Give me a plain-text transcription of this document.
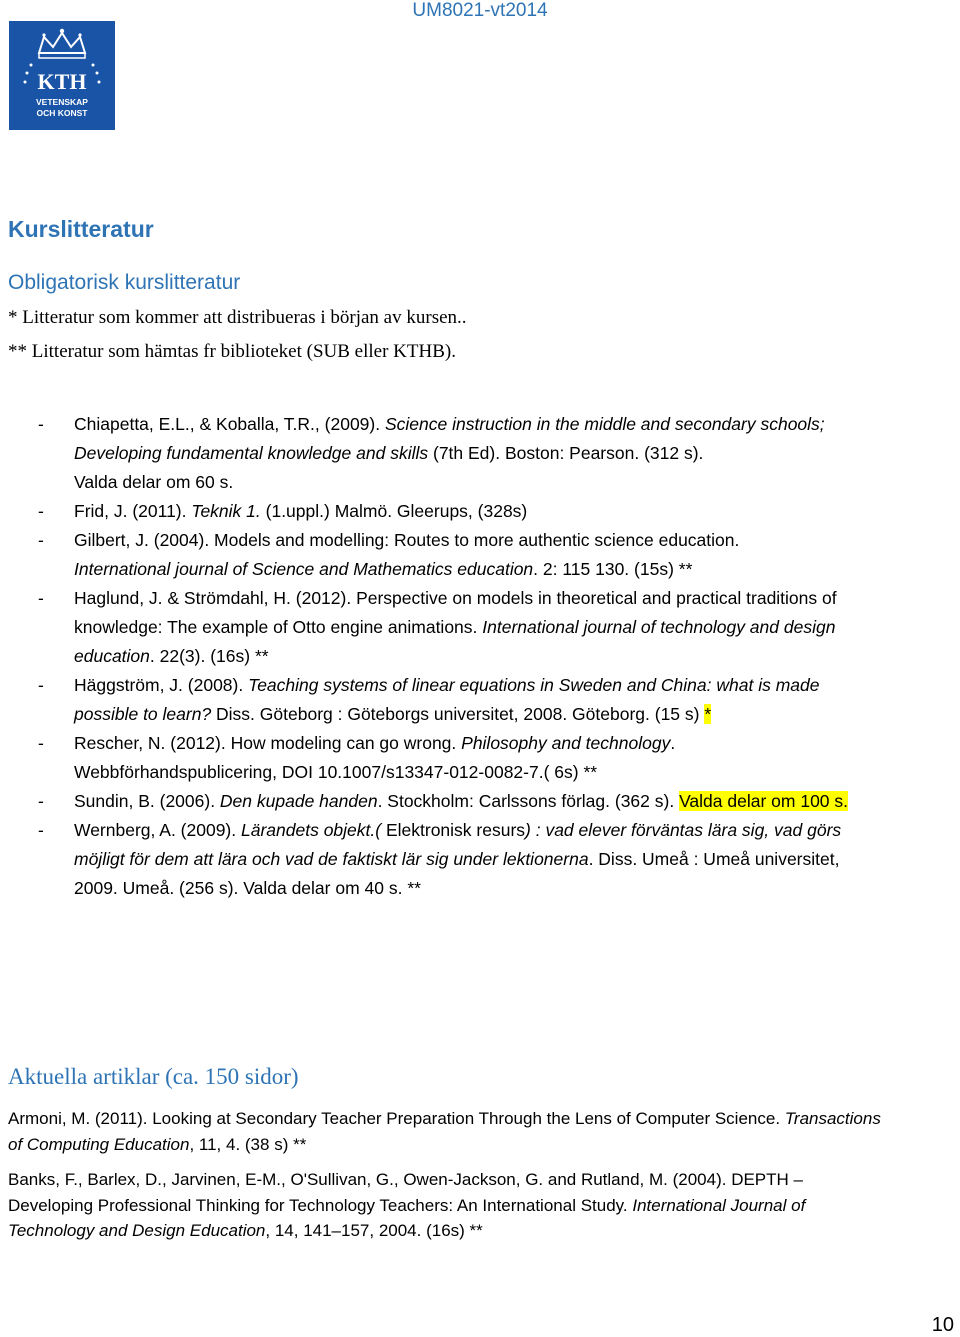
UM8021-vt2014
KTH
VETENSKAP
OCH KONST
Kurslitteratur
Obligatorisk kurslitteratur
* Litteratur som kommer att distribueras i början av kursen..
** Litteratur som hämtas fr biblioteket (SUB eller KTHB).
- Chiapetta, E.L., & Koballa, T.R., (2009). Science instruction in the middle and secondary schools; Developing fundamental knowledge and skills (7th Ed). Boston: Pearson. (312 s).
Valda delar om 60 s.
- Frid, J. (2011). Teknik 1. (1.uppl.) Malmö. Gleerups, (328s)
- Gilbert, J. (2004). Models and modelling: Routes to more authentic science education.
International journal of Science and Mathematics education. 2: 115 130. (15s) **
- Haglund, J. & Strömdahl, H. (2012). Perspective on models in theoretical and practical traditions of knowledge: The example of Otto engine animations. International journal of technology and design education. 22(3). (16s) **
- Häggström, J. (2008). Teaching systems of linear equations in Sweden and China: what is made possible to learn? Diss. Göteborg : Göteborgs universitet, 2008. Göteborg. (15 s) *
- Rescher, N. (2012). How modeling can go wrong. Philosophy and technology.
Webbförhandspublicering, DOI 10.1007/s13347-012-0082-7.( 6s) **
- Sundin, B. (2006). Den kupade handen. Stockholm: Carlssons förlag. (362 s). Valda delar om 100 s.
- Wernberg, A. (2009). Lärandets objekt.( Elektronisk resurs) : vad elever förväntas lära sig, vad görs möjligt för dem att lära och vad de faktiskt lär sig under lektionerna. Diss. Umeå : Umeå universitet, 2009. Umeå. (256 s). Valda delar om 40 s. **
Aktuella artiklar (ca. 150 sidor)
Armoni, M. (2011). Looking at Secondary Teacher Preparation Through the Lens of Computer Science. Transactions of Computing Education, 11, 4. (38 s) **
Banks, F., Barlex, D., Jarvinen, E-M., O'Sullivan, G., Owen-Jackson, G. and Rutland, M. (2004). DEPTH – Developing Professional Thinking for Technology Teachers: An International Study. International Journal of Technology and Design Education, 14, 141–157, 2004. (16s) **
10
